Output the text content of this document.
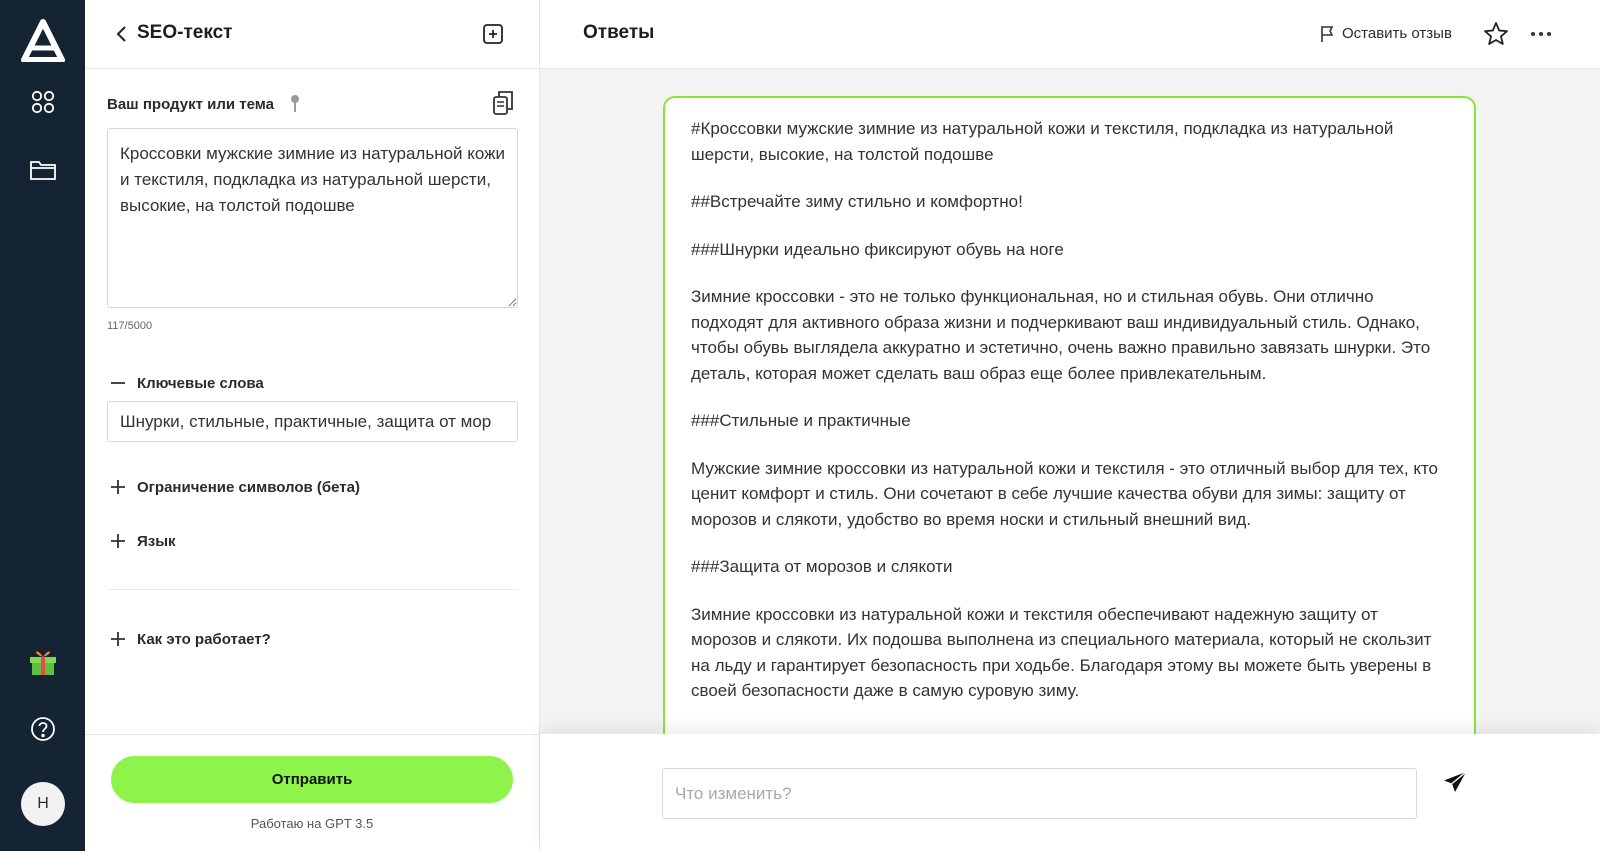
Н
SEO-текст
Ваш продукт или тема
Кроссовки мужские зимние из натуральной кожи и текстиля, подкладка из натуральной шерсти, высокие, на толстой подошве
117/5000
Ключевые слова
Шнурки, стильные, практичные, защита от мор
Ограничение символов (бета)
Язык
Как это работает?
Отправить
Работаю на GPT 3.5
Ответы	Оставить отзыв

#Кроссовки мужские зимние из натуральной кожи и текстиля, подкладка из натуральной шерсти, высокие, на толстой подошве

##Встречайте зиму стильно и комфортно!

###Шнурки идеально фиксируют обувь на ноге

Зимние кроссовки - это не только функциональная, но и стильная обувь. Они отлично подходят для активного образа жизни и подчеркивают ваш индивидуальный стиль. Однако, чтобы обувь выглядела аккуратно и эстетично, очень важно правильно завязать шнурки. Это деталь, которая может сделать ваш образ еще более привлекательным.

###Стильные и практичные

Мужские зимние кроссовки из натуральной кожи и текстиля - это отличный выбор для тех, кто ценит комфорт и стиль. Они сочетают в себе лучшие качества обуви для зимы: защиту от морозов и слякоти, удобство во время носки и стильный внешний вид.

###Защита от морозов и слякоти

Зимние кроссовки из натуральной кожи и текстиля обеспечивают надежную защиту от морозов и слякоти. Их подошва выполнена из специального материала, который не скользит на льду и гарантирует безопасность при ходьбе. Благодаря этому вы можете быть уверены в своей безопасности даже в самую суровую зиму.

Что изменить?
